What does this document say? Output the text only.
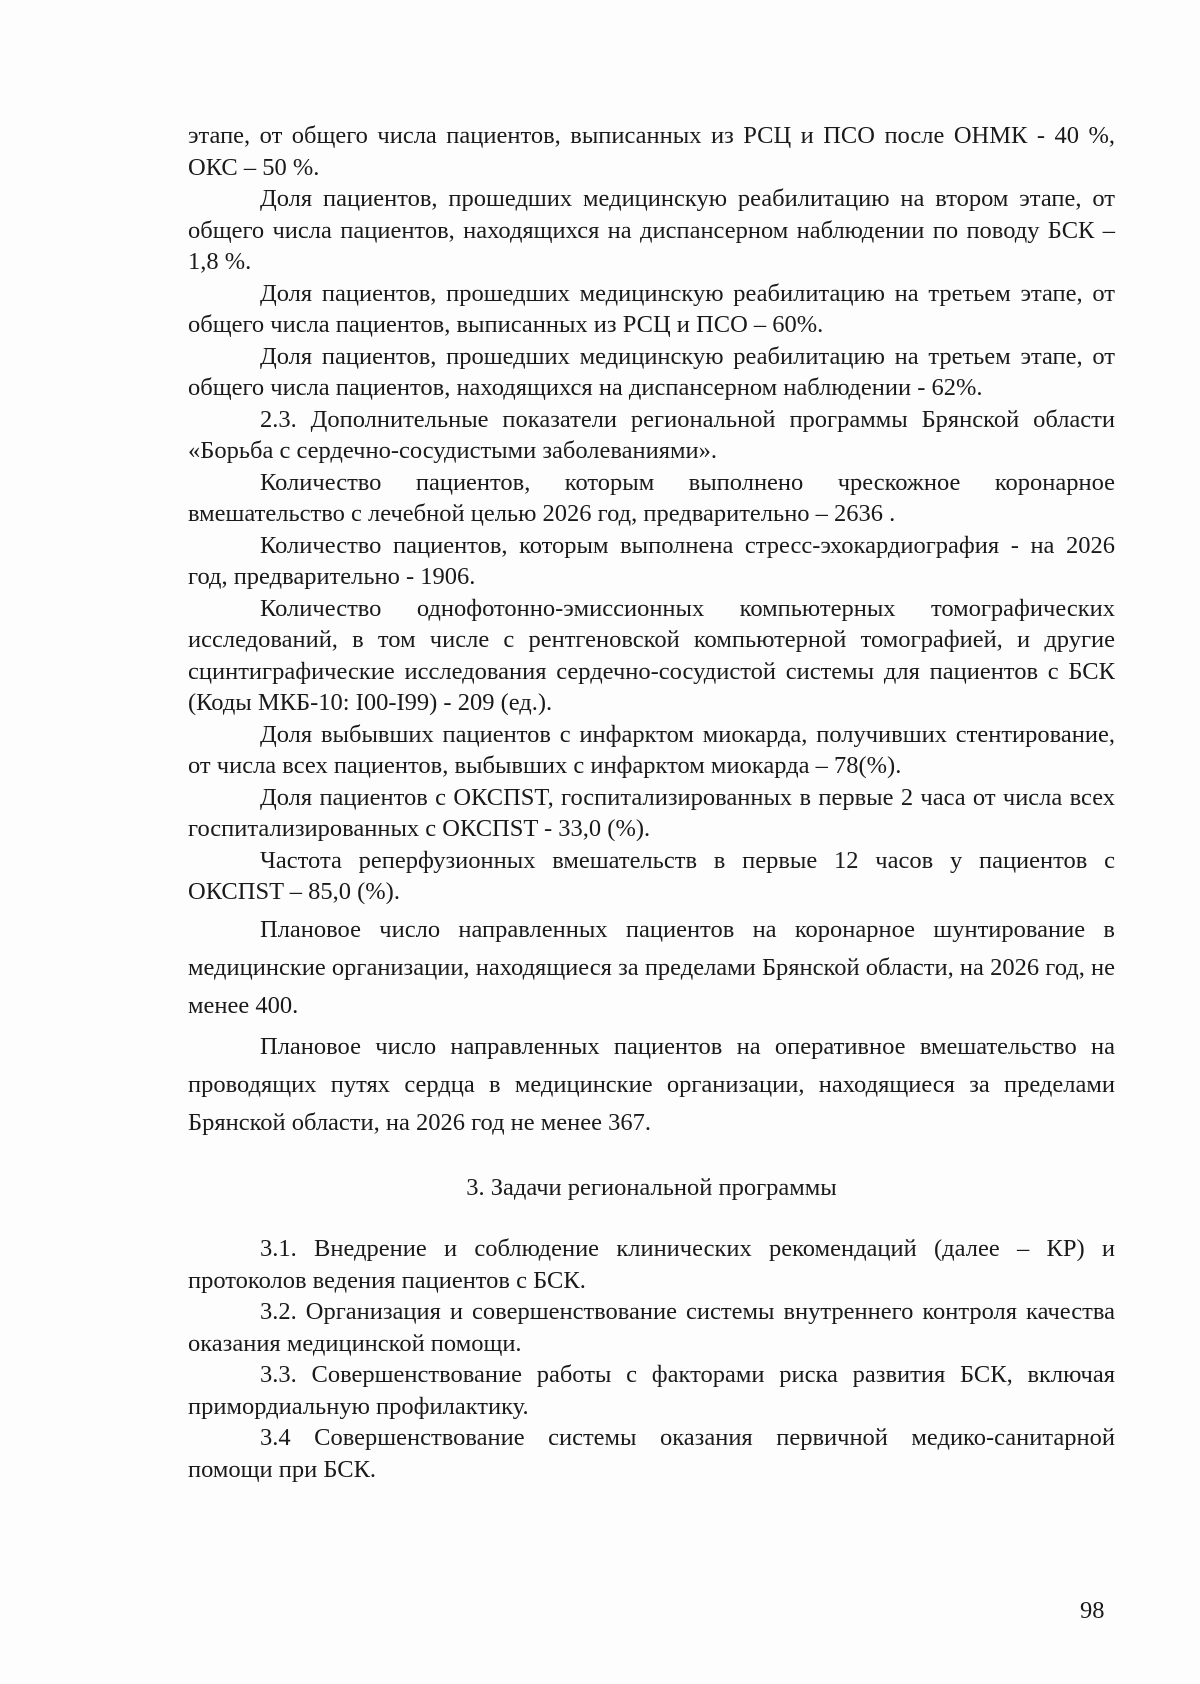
этапе, от общего числа пациентов, выписанных из РСЦ и ПСО после ОНМК - 40 %, ОКС – 50 %.

Доля пациентов, прошедших медицинскую реабилитацию на втором этапе, от общего числа пациентов, находящихся на диспансерном наблюдении по поводу БСК – 1,8 %.

Доля пациентов, прошедших медицинскую реабилитацию на третьем этапе, от общего числа пациентов, выписанных из РСЦ и ПСО – 60%.

Доля пациентов, прошедших медицинскую реабилитацию на третьем этапе, от общего числа пациентов, находящихся на диспансерном наблюдении - 62%.

2.3. Дополнительные показатели региональной программы Брянской области «Борьба с сердечно-сосудистыми заболеваниями».

Количество пациентов, которым выполнено чрескожное коронарное вмешательство с лечебной целью 2026 год, предварительно – 2636 .

Количество пациентов, которым выполнена стресс-эхокардиография - на 2026 год, предварительно - 1906.

Количество однофотонно-эмиссионных компьютерных томографических исследований, в том числе с рентгеновской компьютерной томографией, и другие сцинтиграфические исследования сердечно-сосудистой системы для пациентов с БСК (Коды МКБ-10: I00-I99) - 209 (ед.).

Доля выбывших пациентов с инфарктом миокарда, получивших стентирование, от числа всех пациентов, выбывших с инфарктом миокарда – 78(%).

Доля пациентов с ОКСПST, госпитализированных в первые 2 часа от числа всех госпитализированных с ОКСПST - 33,0 (%).

Частота реперфузионных вмешательств в первые 12 часов у пациентов с ОКСПST – 85,0 (%).

Плановое число направленных пациентов на коронарное шунтирование в медицинские организации, находящиеся за пределами Брянской области, на 2026 год, не менее 400.

Плановое число направленных пациентов на оперативное вмешательство на проводящих путях сердца в медицинские организации, находящиеся за пределами Брянской области, на 2026 год не менее 367.

3. Задачи региональной программы

3.1. Внедрение и соблюдение клинических рекомендаций (далее – КР) и протоколов ведения пациентов с БСК.

3.2. Организация и совершенствование системы внутреннего контроля качества оказания медицинской помощи.

3.3. Совершенствование работы с факторами риска развития БСК, включая примордиальную профилактику.

3.4 Совершенствование системы оказания первичной медико-санитарной помощи при БСК.

98
